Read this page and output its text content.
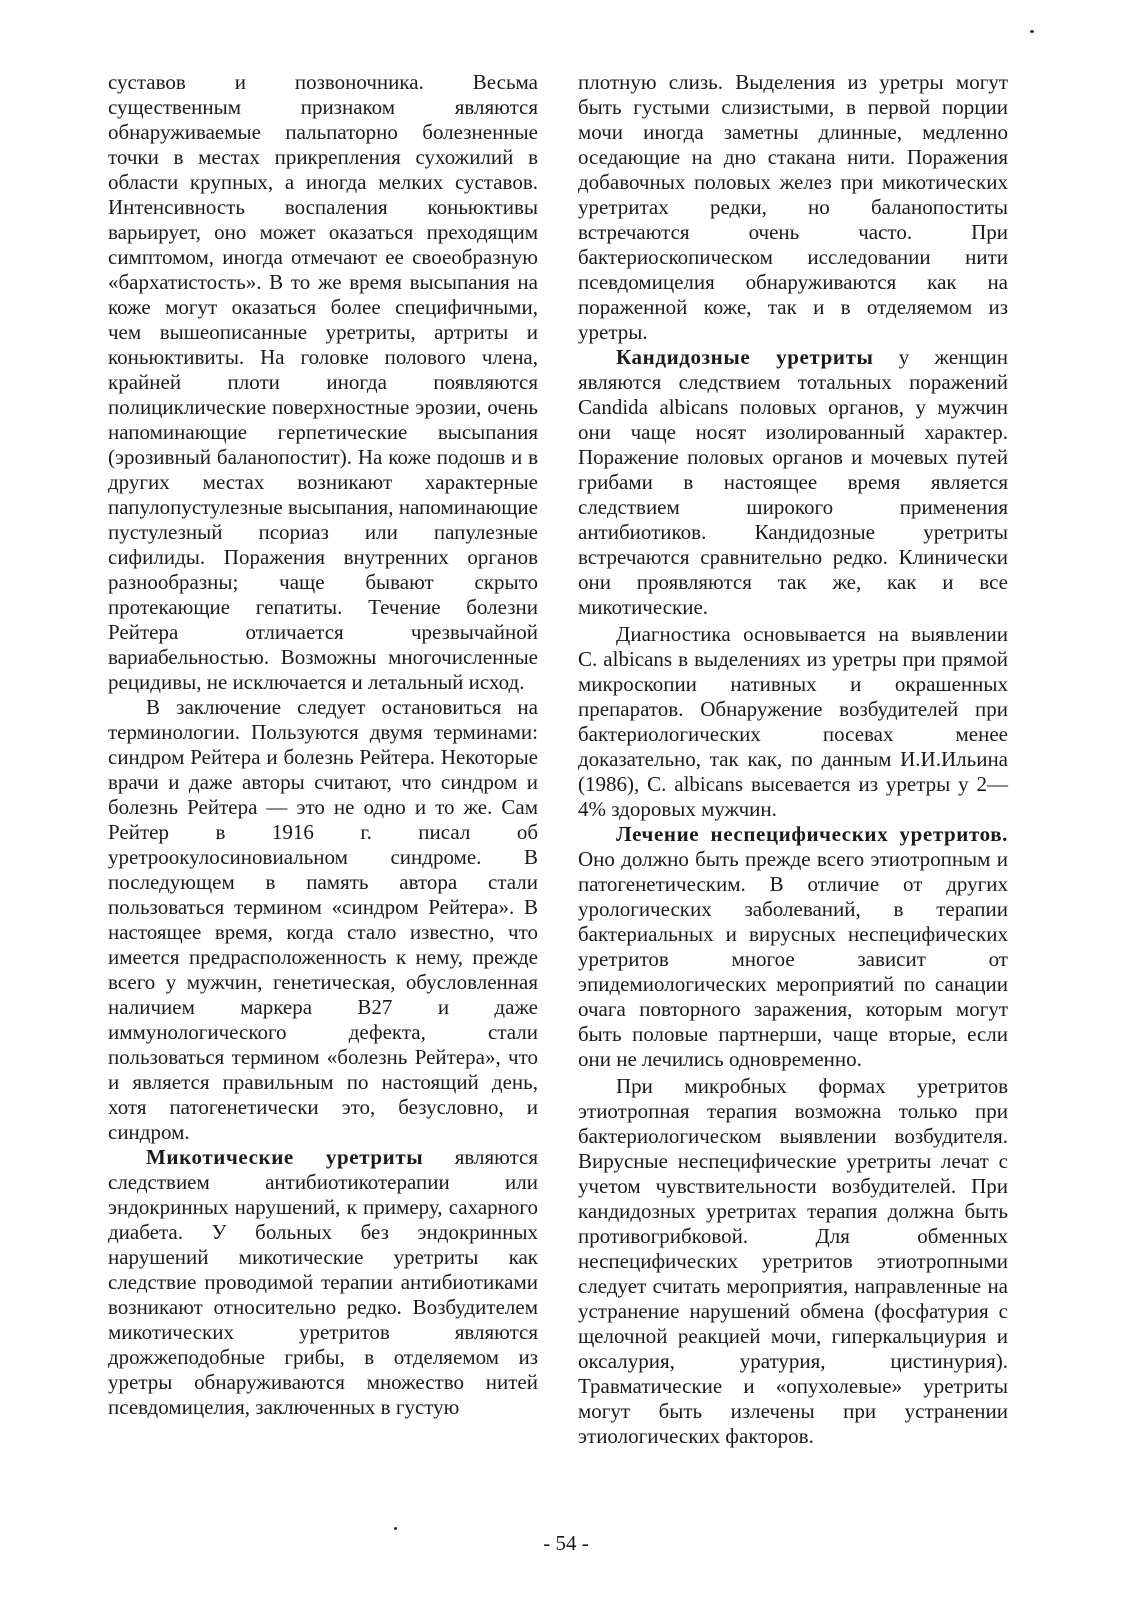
суставов и позвоночника. Весьма существенным признаком являются обнаруживаемые пальпаторно болезненные точки в местах прикрепления сухожилий в области крупных, а иногда мелких суставов. Интенсивность воспаления коньюктивы варьирует, оно может оказаться преходящим симптомом, иногда отмечают ее своеобразную «бархатистость». В то же время высыпания на коже могут оказаться более специфичными, чем вышеописанные уретриты, артриты и коньюктивиты. На головке полового члена, крайней плоти иногда появляются полициклические поверхностные эрозии, очень напоминающие герпетические высыпания (эрозивный баланопостит). На коже подошв и в других местах возникают характерные папулопустулезные высыпания, напоминающие пустулезный псориаз или папулезные сифилиды. Поражения внутренних органов разнообразны; чаще бывают скрыто протекающие гепатиты. Течение болезни Рейтера отличается чрезвычайной вариабельностью. Возможны многочисленные рецидивы, не исключается и летальный исход.

В заключение следует остановиться на терминологии. Пользуются двумя терминами: синдром Рейтера и болезнь Рейтера. Некоторые врачи и даже авторы считают, что синдром и болезнь Рейтера — это не одно и то же. Сам Рейтер в 1916 г. писал об уретроокулосиновиальном синдроме. В последующем в память автора стали пользоваться термином «синдром Рейтера». В настоящее время, когда стало известно, что имеется предрасположенность к нему, прежде всего у мужчин, генетическая, обусловленная наличием маркера В27 и даже иммунологического дефекта, стали пользоваться термином «болезнь Рейтера», что и является правильным по настоящий день, хотя патогенетически это, безусловно, и синдром.

Микотические уретриты являются следствием антибиотикотерапии или эндокринных нарушений, к примеру, сахарного диабета. У больных без эндокринных нарушений микотические уретриты как следствие проводимой терапии антибиотиками возникают относительно редко. Возбудителем микотических уретритов являются дрожжеподобные грибы, в отделяемом из уретры обнаруживаются множество нитей псевдомицелия, заключенных в густую

плотную слизь. Выделения из уретры могут быть густыми слизистыми, в первой порции мочи иногда заметны длинные, медленно оседающие на дно стакана нити. Поражения добавочных половых желез при микотических уретритах редки, но баланопоститы встречаются очень часто. При бактериоскопическом исследовании нити псевдомицелия обнаруживаются как на пораженной коже, так и в отделяемом из уретры.

Кандидозные уретриты у женщин являются следствием тотальных поражений Candida albicans половых органов, у мужчин они чаще носят изолированный характер. Поражение половых органов и мочевых путей грибами в настоящее время является следствием широкого применения антибиотиков. Кандидозные уретриты встречаются сравнительно редко. Клинически они проявляются так же, как и все микотические.

Диагностика основывается на выявлении С. albicans в выделениях из уретры при прямой микроскопии нативных и окрашенных препаратов. Обнаружение возбудителей при бактериологических посевах менее доказательно, так как, по данным И.И.Ильина (1986), С. albicans высевается из уретры у 2—4% здоровых мужчин.

Лечение неспецифических уретритов. Оно должно быть прежде всего этиотропным и патогенетическим. В отличие от других урологических заболеваний, в терапии бактериальных и вирусных неспецифических уретритов многое зависит от эпидемиологических мероприятий по санации очага повторного заражения, которым могут быть половые партнерши, чаще вторые, если они не лечились одновременно.

При микробных формах уретритов этиотропная терапия возможна только при бактериологическом выявлении возбудителя. Вирусные неспецифические уретриты лечат с учетом чувствительности возбудителей. При кандидозных уретритах терапия должна быть противогрибковой. Для обменных неспецифических уретритов этиотропными следует считать мероприятия, направленные на устранение нарушений обмена (фосфатурия с щелочной реакцией мочи, гиперкальциурия и оксалурия, уратурия, цистинурия). Травматические и «опухолевые» уретриты могут быть излечены при устранении этиологических факторов.

- 54 -
